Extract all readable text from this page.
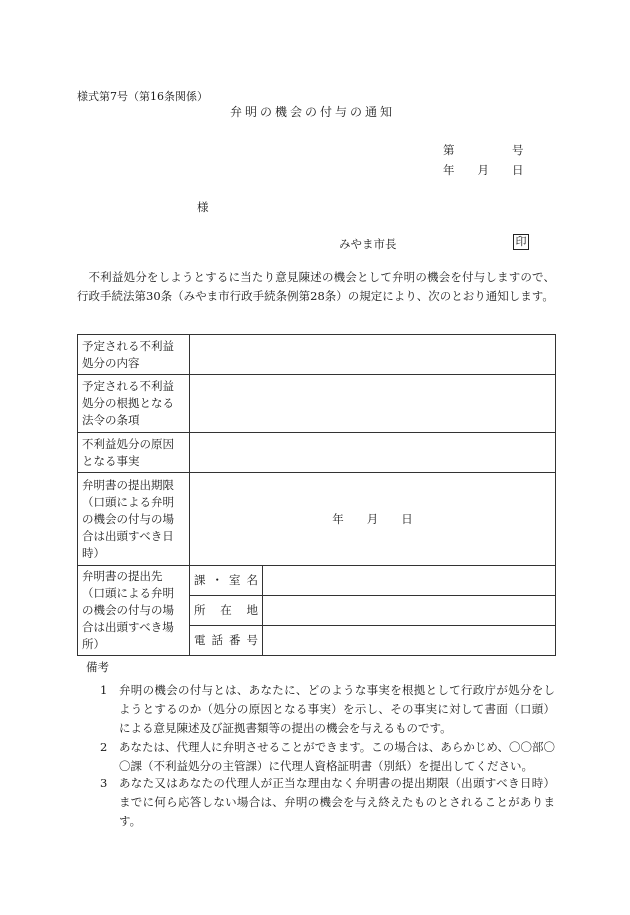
様式第7号（第16条関係）
弁明の機会の付与の通知
第　　　　　号
年　　月　　日
様
みやま市長	印
不利益処分をしようとするに当たり意見陳述の機会として弁明の機会を付与しますので、行政手続法第30条（みやま市行政手続条例第28条）の規定により、次のとおり通知します。
予定される不利益処分の内容		
予定される不利益処分の根拠となる法令の条項		
不利益処分の原因となる事実		
弁明書の提出期限（口頭による弁明の機会の付与の場合は出頭すべき日時）	年　　月　　日	
弁明書の提出先（口頭による弁明の機会の付与の場合は出頭すべき場所）	課・室名	
	所在地	
	電話番号	
備考
1 弁明の機会の付与とは、あなたに、どのような事実を根拠として行政庁が処分をしようとするのか（処分の原因となる事実）を示し、その事実に対して書面（口頭）による意見陳述及び証拠書類等の提出の機会を与えるものです。
2 あなたは、代理人に弁明させることができます。この場合は、あらかじめ、〇〇部〇〇課（不利益処分の主管課）に代理人資格証明書（別紙）を提出してください。
3 あなた又はあなたの代理人が正当な理由なく弁明書の提出期限（出頭すべき日時）までに何ら応答しない場合は、弁明の機会を与え終えたものとされることがあります。
